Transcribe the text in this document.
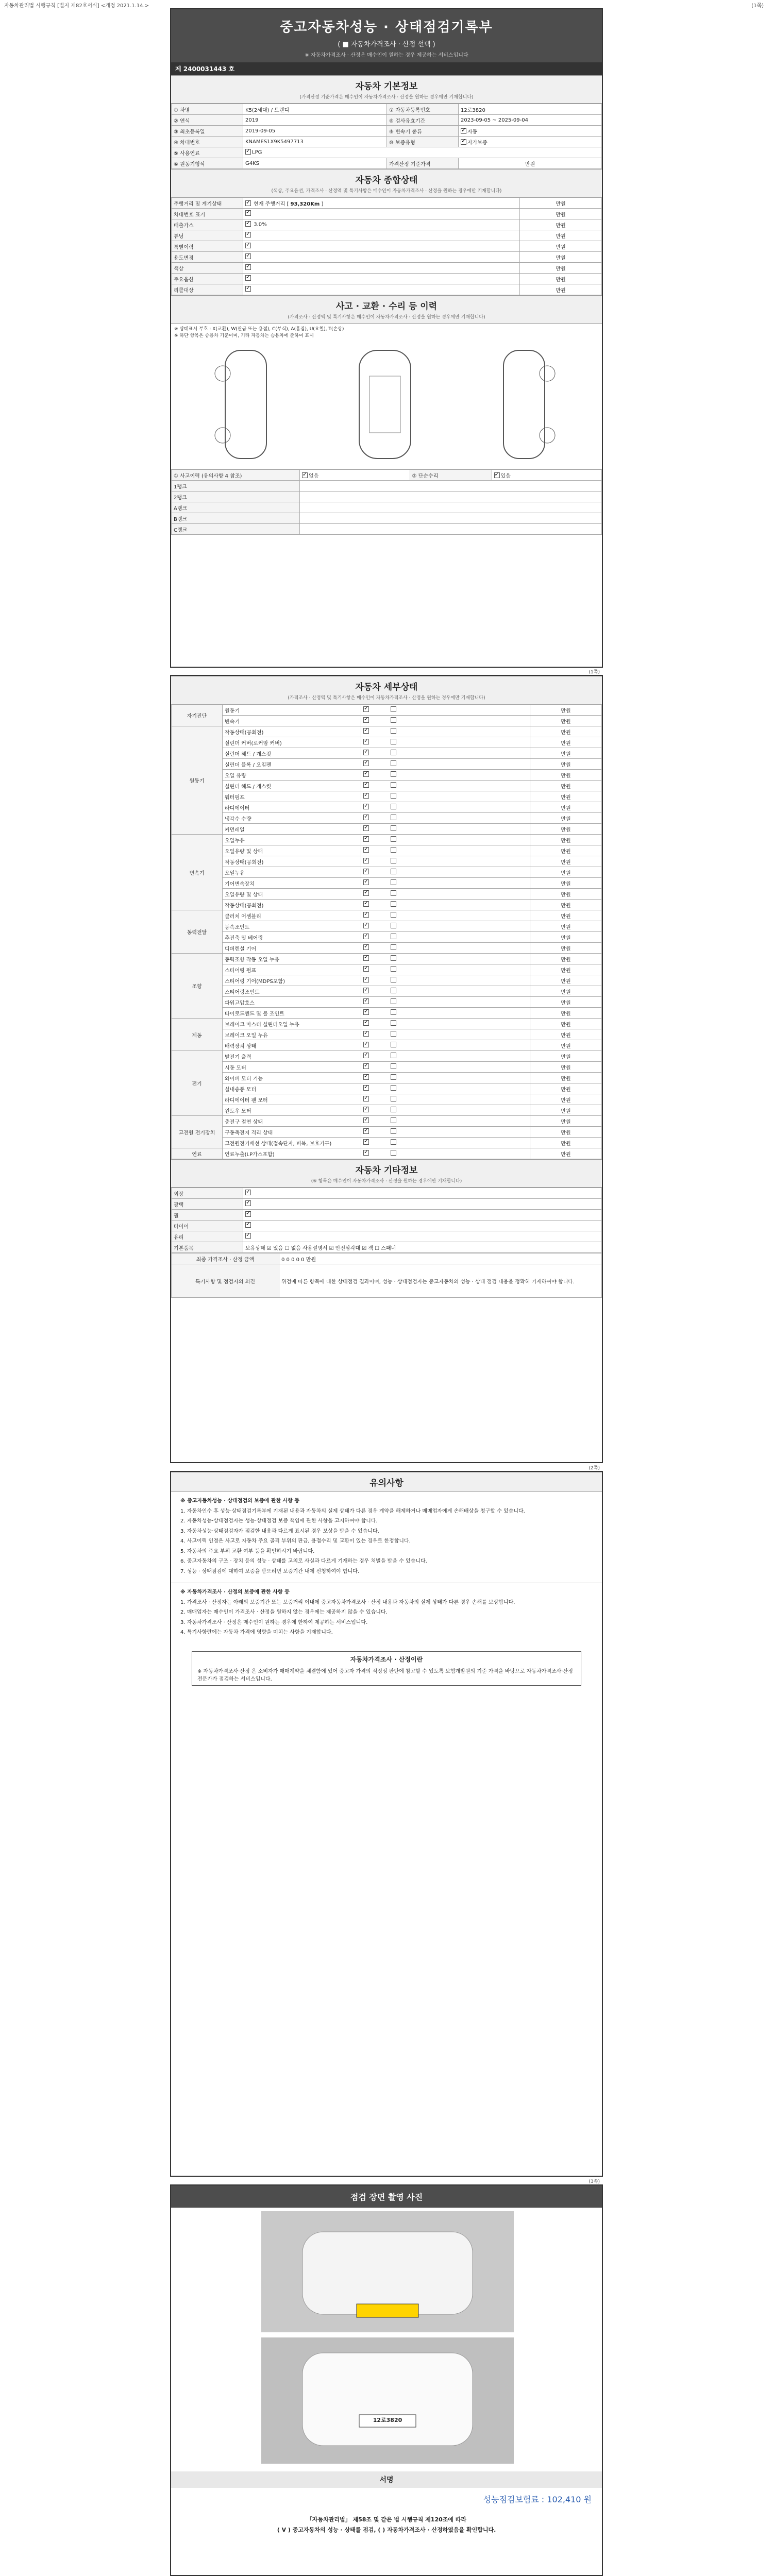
자동차관리법 시행규칙 [별지 제82호서식] <개정 2021.1.14.>	(1쪽)
중고자동차성능 · 상태점검기록부
( ■ 자동차가격조사 · 산정 선택 )
※ 자동차가격조사 · 산정은 매수인이 원하는 경우 제공하는 서비스입니다
제 2400031443 호
자동차 기본정보
(가격산정 기준가격은 매수인이 자동차가격조사 · 산정을 원하는 경우에만 기재합니다)
① 차명	K5(2세대) / 트렌디	⑦ 자동차등록번호	12로3820
② 연식	2019	⑧ 검사유효기간	2023-09-05 ~ 2025-09-04
③ 최초등록일	2019-09-05	⑨ 변속기 종류	✓자동
④ 차대번호	KNAMES1X9K5497713	⑩ 보증유형	✓자가보증
⑤ 사용연료	✓LPG
⑥ 원동기형식	G4KS	가격산정 기준가격	만원
자동차 종합상태
(색상, 주요옵션, 가격조사 · 산정액 및 특기사항은 매수인이 자동차가격조사 · 산정을 원하는 경우에만 기재합니다)
주행거리 및 계기상태	✓ 현재 주행거리 [ 93,320Km ]	만원
차대번호 표기	✓	만원
배출가스	✓3.0%	만원
튜닝	✓	만원
특별이력	✓	만원
용도변경	✓	만원
색상	✓	만원
주요옵션	✓	만원
리콜대상	✓	만원
사고 · 교환 · 수리 등 이력
(가격조사 · 산정액 및 특기사항은 매수인이 자동차가격조사 · 산정을 원하는 경우에만 기재합니다)
※ 상태표시 부호 : X(교환), W(판금 또는 용접), C(부식), A(흠집), U(요철), T(손상)
※ 하단 항목은 승용차 기준이며, 기타 자동차는 승용차에 준하여 표시
① 사고이력 (유의사항 4 참조)	✓없음	② 단순수리	✓있음
1랭크			
2랭크			
A랭크			
B랭크			
C랭크			
(1쪽)
자동차 세부상태
(가격조사 · 산정액 및 특기사항은 매수인이 자동차가격조사 · 산정을 원하는 경우에만 기재합니다)
자기진단	원동기	✓	만원
	변속기	✓	만원
원동기	작동상태(공회전)	✓	만원
	실린더 커버(로커암 커버)	✓	만원
	실린더 헤드 / 개스킷	✓	만원
	실린더 블록 / 오일팬	✓	만원
	오일 유량	✓	만원
	실린더 헤드 / 개스킷	✓	만원
	워터펌프	✓	만원
	라디에이터	✓	만원
	냉각수 수량	✓	만원
	커먼레일	✓	만원
변속기	오일누유	✓	만원
	오일유량 및 상태	✓	만원
	작동상태(공회전)	✓	만원
	오일누유	✓	만원
	기어변속장치	✓	만원
	오일유량 및 상태	✓	만원
	작동상태(공회전)	✓	만원
동력전달	클러치 어셈블리	✓	만원
	등속조인트	✓	만원
	추진축 및 베어링	✓	만원
	디퍼렌셜 기어	✓	만원
조향	동력조향 작동 오일 누유	✓	만원
	스티어링 펌프	✓	만원
	스티어링 기어(MDPS포함)	✓	만원
	스티어링조인트	✓	만원
	파워고압호스	✓	만원
	타이로드엔드 및 볼 조인트	✓	만원
제동	브레이크 마스터 실린더오일 누유	✓	만원
	브레이크 오일 누유	✓	만원
	배력장치 상태	✓	만원
전기	발전기 출력	✓	만원
	시동 모터	✓	만원
	와이퍼 모터 기능	✓	만원
	실내송풍 모터	✓	만원
	라디에이터 팬 모터	✓	만원
	윈도우 모터	✓	만원
고전원 전기장치	충전구 절연 상태	✓	만원
	구동축전지 격리 상태	✓	만원
	고전원전기배선 상태(접속단자, 피복, 보호기구)	✓	만원
연료	연료누출(LP가스포함)	✓	만원
자동차 기타정보
(※ 항목은 매수인이 자동차가격조사 · 산정을 원하는 경우에만 기재합니다)
외장	✓
광택	✓
휠	✓
타이어	✓
유리	✓
기본품목	보유상태 ☑ 있음 ☐ 없음 사용설명서 ☑ 안전삼각대 ☑ 잭 ☐ 스패너
최종 가격조사 · 산정 금액	0 0 0 0 0 만원
특기사항 및 점검자의 의견	위검에 따른 항목에 대한 상태점검 결과이며, 성능 · 상태점검자는 중고자동차의 성능 · 상태 점검 내용을 정확히 기재하여야 합니다.
(2쪽)
유의사항

※ 중고자동차성능 · 상태점검의 보증에 관한 사항 등

1. 자동차인수 후 성능·상태점검기록부에 기재된 내용과 자동차의 실제 상태가 다른 경우 계약을 해제하거나 매매업자에게 손해배상을 청구할 수 있습니다.

2. 자동차성능·상태점검자는 성능·상태점검 보증 책임에 관한 사항을 고지하여야 합니다.

3. 자동차성능·상태점검자가 점검한 내용과 다르게 표시된 경우 보상을 받을 수 있습니다.

4. 사고이력 인정은 사고로 자동차 주요 골격 부위의 판금, 용접수리 및 교환이 있는 경우로 한정합니다.

5. 자동차의 주요 부위 교환 여부 등을 확인하시기 바랍니다.

6. 중고자동차의 구조 · 장치 등의 성능 · 상태를 고의로 사실과 다르게 기재하는 경우 처벌을 받을 수 있습니다.

7. 성능 · 상태점검에 대하여 보증을 받으려면 보증기간 내에 신청하여야 합니다.

※ 자동차가격조사 · 산정의 보증에 관한 사항 등

1. 가격조사 · 산정자는 아래의 보증기간 또는 보증거리 이내에 중고자동차가격조사 · 산정 내용과 자동차의 실제 상태가 다른 경우 손해를 보상합니다.

2. 매매업자는 매수인이 가격조사 · 산정을 원하지 않는 경우에는 제공하지 않을 수 있습니다.

3. 자동차가격조사 · 산정은 매수인이 원하는 경우에 한하여 제공하는 서비스입니다.

4. 특기사항란에는 자동차 가격에 영향을 미치는 사항을 기재합니다.

자동차가격조사 · 산정이란
※ 자동차가격조사·산정 은 소비자가 매매계약을 체결함에 있어 중고자 가격의 적정성 판단에 참고할 수 있도록 보험개발원의 기준 가격을 바탕으로 자동차가격조사·산정전문가가 점검하는 서비스입니다.
(3쪽)
점검 장면 촬영 사진
12로3820
서명
성능점검보험료 : 102,410 원
「자동차관리법」 제58조 및 같은 법 시행규칙 제120조에 따라
( V ) 중고자동차의 성능 · 상태를 점검, ( ) 자동차가격조사 · 산정하였음을 확인합니다.
